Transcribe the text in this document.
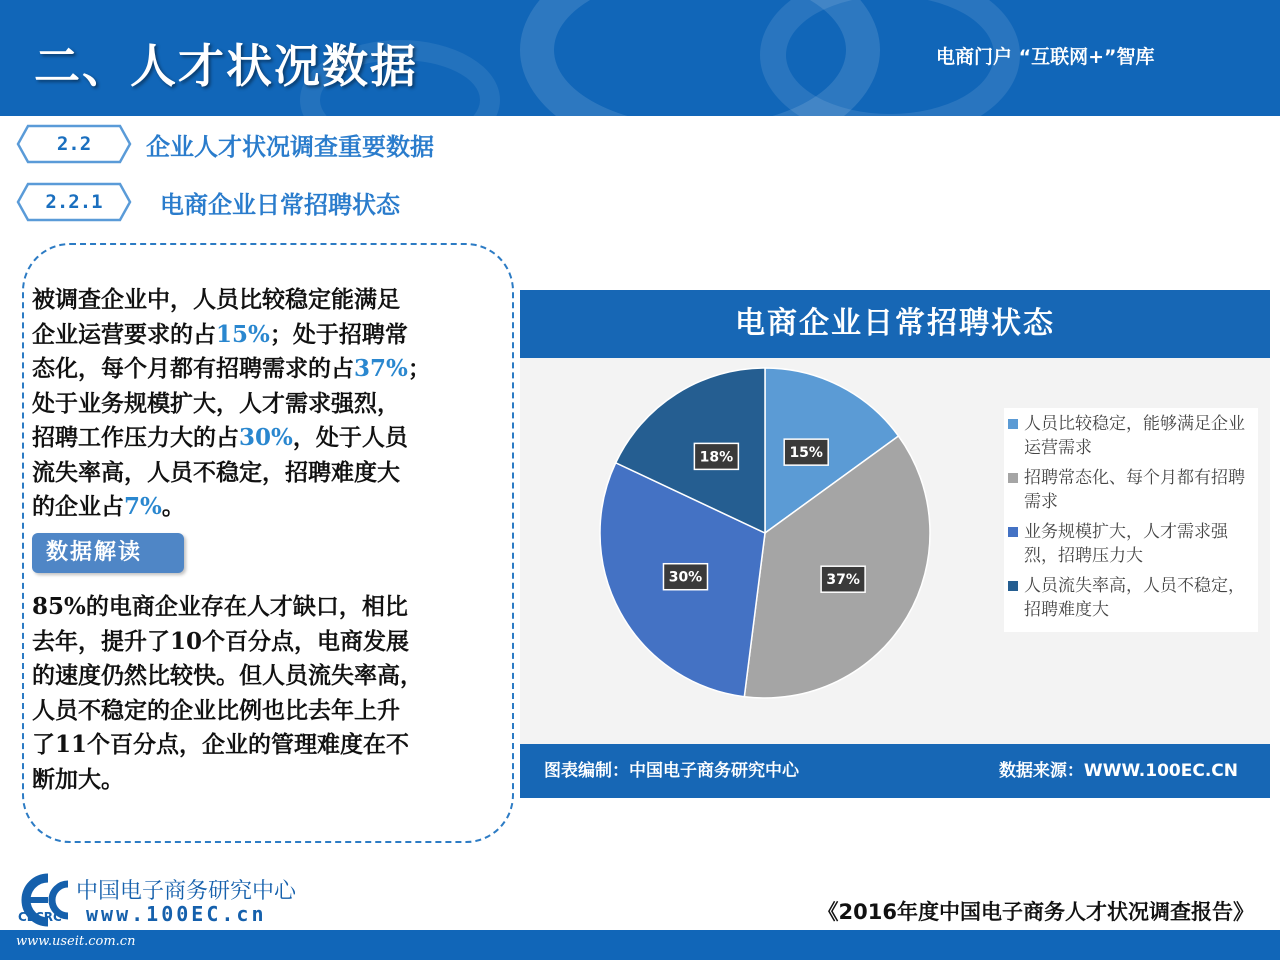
二、人才状况数据	电商门户 “互联网+”智库
2.2	企业人才状况调查重要数据
2.2.1	电商企业日常招聘状态
被调查企业中，人员比较稳定能满足
企业运营要求的占15%；处于招聘常
态化，每个月都有招聘需求的占37%；
处于业务规模扩大，人才需求强烈，
招聘工作压力大的占30%，处于人员
流失率高，人员不稳定，招聘难度大
的企业占7%。
数据解读
85%的电商企业存在人才缺口，相比
去年，提升了10个百分点，电商发展
的速度仍然比较快。但人员流失率高，
人员不稳定的企业比例也比去年上升
了11个百分点，企业的管理难度在不
断加大。
电商企业日常招聘状态
15%
37%
30%
18%
人员比较稳定，能够满足企业运营需求
招聘常态化、每个月都有招聘需求
业务规模扩大，人才需求强烈，招聘压力大
人员流失率高，人员不稳定，招聘难度大
图表编制：中国电子商务研究中心	数据来源：WWW.100EC.CN
中国电子商务研究中心
CECRC www.100EC.cn	《2016年度中国电子商务人才状况调查报告》
www.useit.com.cn
